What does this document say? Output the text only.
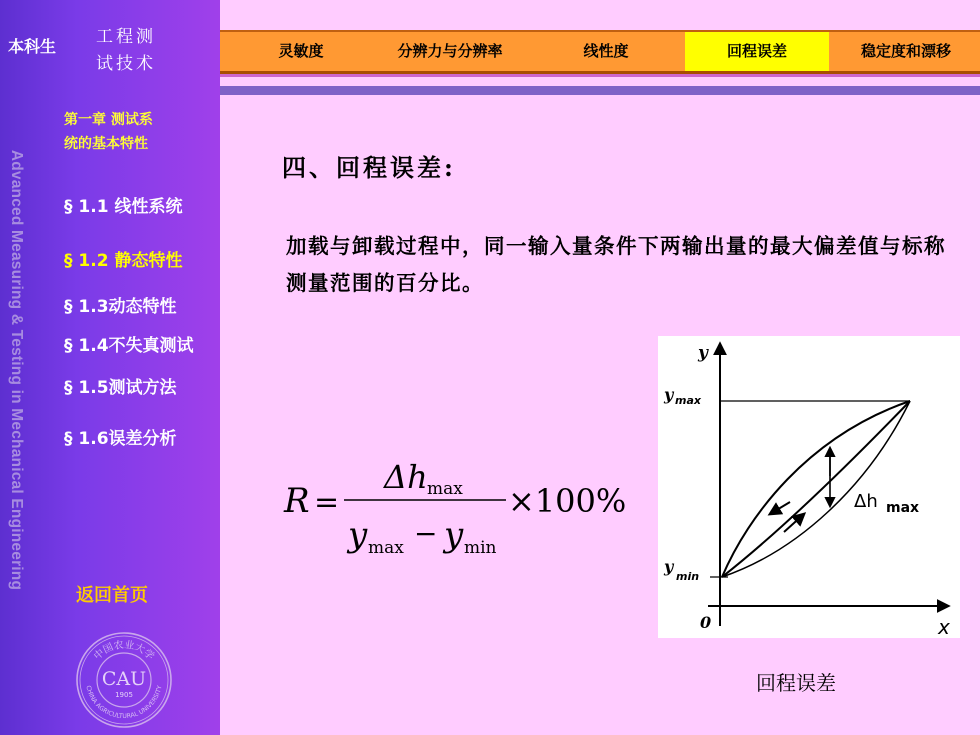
Advanced Measuring & Testing in Mechanical Engineering
本科生 工程测
试技术
第一章 测试系
统的基本特性
§ 1.1 线性系统
§ 1.2 静态特性
§ 1.3动态特性
§ 1.4不失真测试
§ 1.5测试方法
§ 1.6误差分析
返回首页
中国农业大学
CHINA AGRICULTURAL UNIVERSITY
CAU
1905
灵敏度	分辨力与分辨率	线性度	回程误差	稳定度和漂移
四、回程误差:
加载与卸载过程中，同一输入量条件下两输出量的最大偏差值与标称测量范围的百分比。
R =
Δh max
y max − y min
×100%
y
x
0
y max
y
min
Δh max
回程误差
